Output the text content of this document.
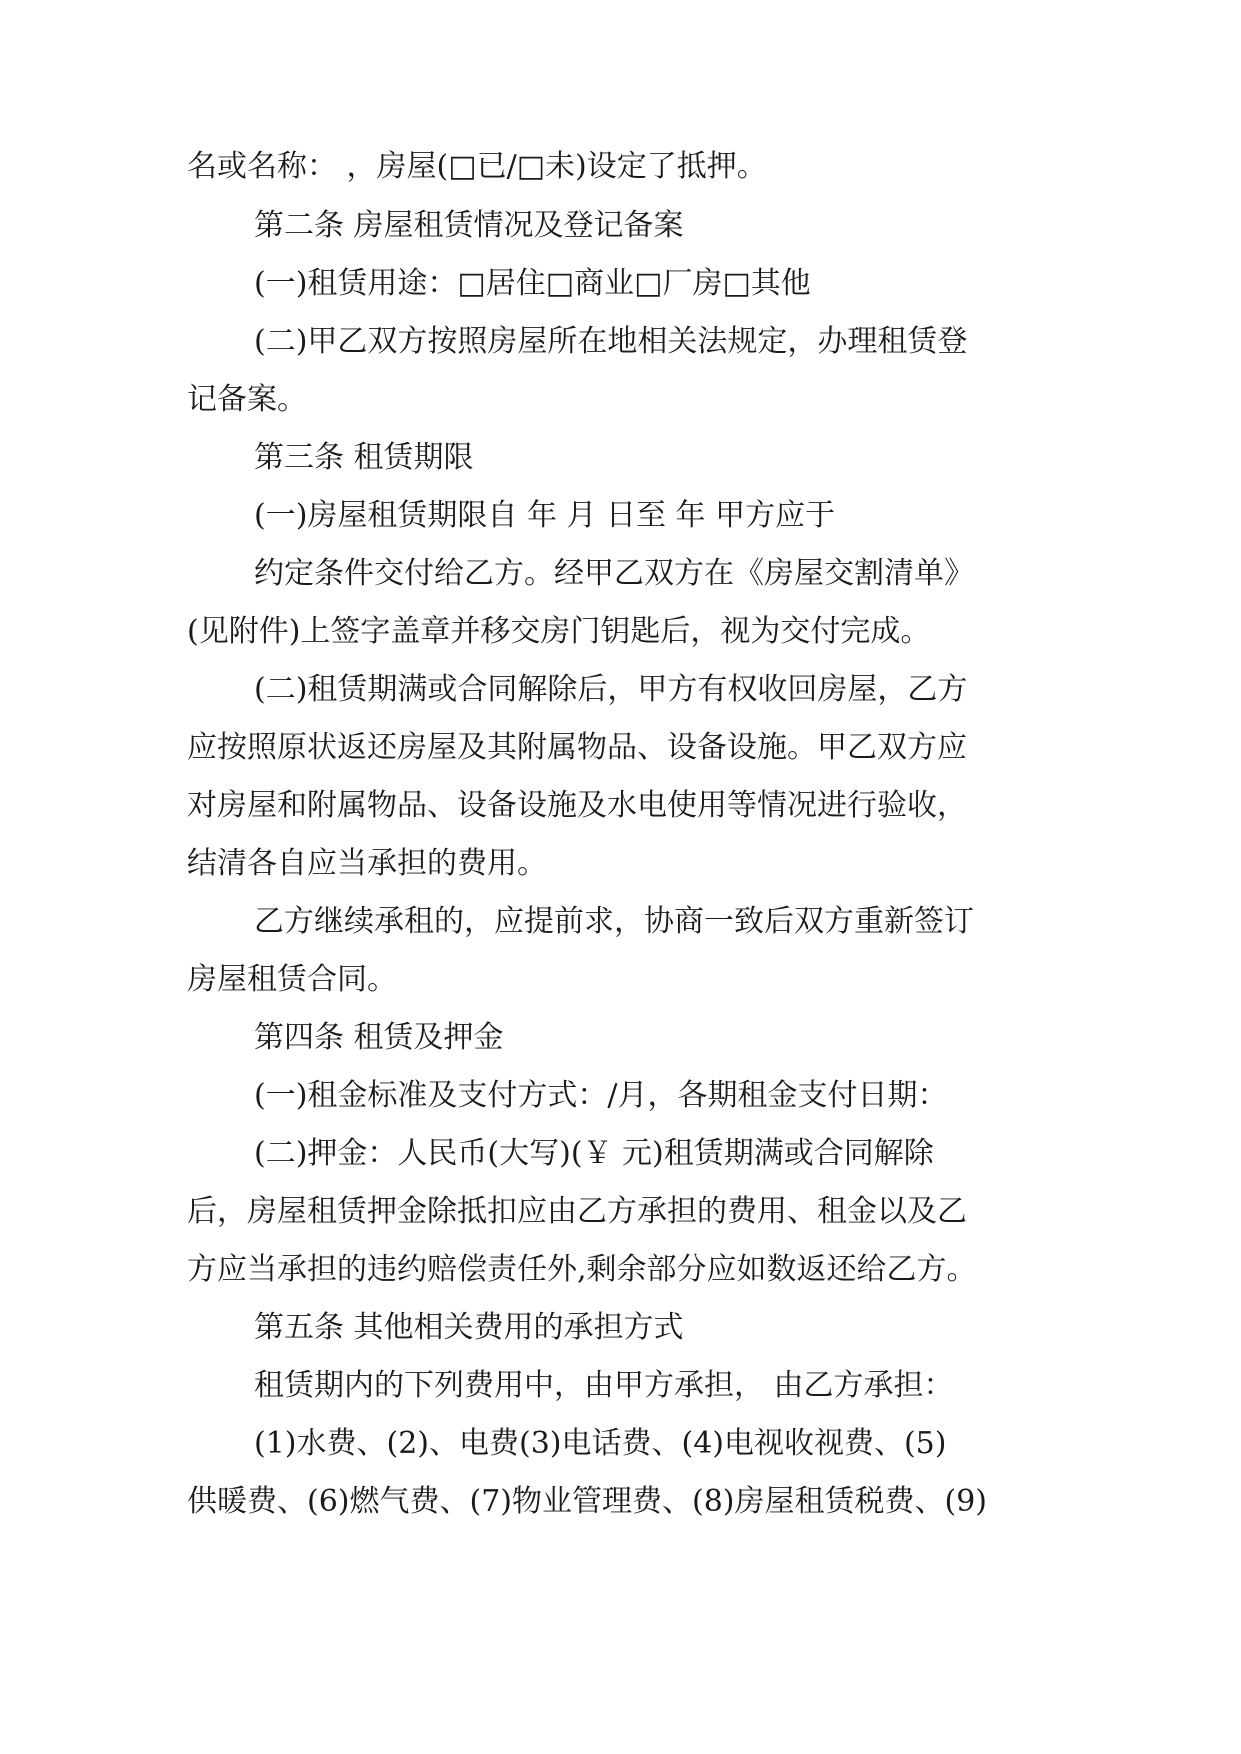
名或名称： ，房屋(□已/□未)设定了抵押。
第二条 房屋租赁情况及登记备案
(一)租赁用途：□居住□商业□厂房□其他
(二)甲乙双方按照房屋所在地相关法规定，办理租赁登
记备案。
第三条 租赁期限
(一)房屋租赁期限自 年 月 日至 年 甲方应于
约定条件交付给乙方。经甲乙双方在《房屋交割清单》
(见附件)上签字盖章并移交房门钥匙后，视为交付完成。
(二)租赁期满或合同解除后，甲方有权收回房屋，乙方
应按照原状返还房屋及其附属物品、设备设施。甲乙双方应
对房屋和附属物品、设备设施及水电使用等情况进行验收，
结清各自应当承担的费用。
乙方继续承租的，应提前求，协商一致后双方重新签订
房屋租赁合同。
第四条 租赁及押金
(一)租金标准及支付方式：/月，各期租金支付日期：
(二)押金：人民币(大写)(￥ 元)租赁期满或合同解除
后，房屋租赁押金除抵扣应由乙方承担的费用、租金以及乙
方应当承担的违约赔偿责任外,剩余部分应如数返还给乙方。
第五条 其他相关费用的承担方式
租赁期内的下列费用中，由甲方承担， 由乙方承担：
(1)水费、(2)、电费(3)电话费、(4)电视收视费、(5)
供暖费、(6)燃气费、(7)物业管理费、(8)房屋租赁税费、(9)
